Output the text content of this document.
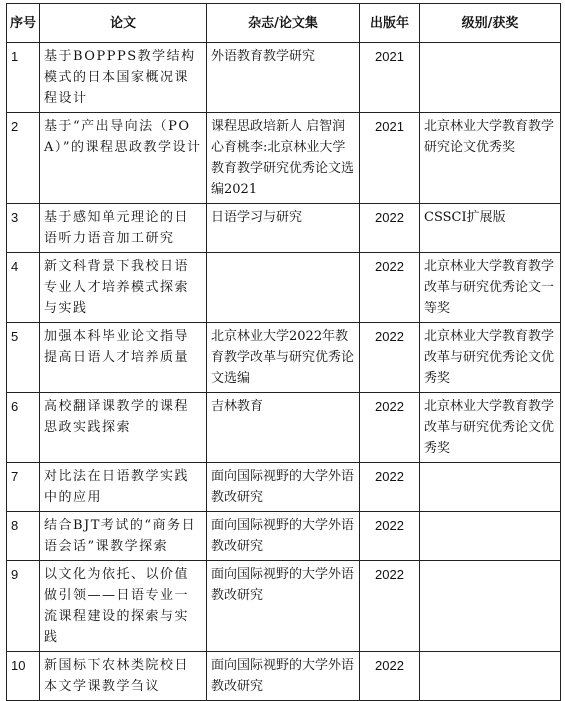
序号	论文	杂志/论文集	出版年	级别/获奖
1	基于BOPPPS教学结构模式的日本国家概况课程设计	外语教育教学研究	2021	
2	基于“产出导向法（POA）”的课程思政教学设计	课程思政培新人 启智润心育桃李:北京林业大学教育教学研究优秀论文选编2021	2021	北京林业大学教育教学研究论文优秀奖
3	基于感知单元理论的日语听力语音加工研究	日语学习与研究	2022	CSSCI扩展版
4	新文科背景下我校日语专业人才培养模式探索与实践		2022	北京林业大学教育教学改革与研究优秀论文一等奖
5	加强本科毕业论文指导提高日语人才培养质量	北京林业大学2022年教育教学改革与研究优秀论文选编	2022	北京林业大学教育教学改革与研究优秀论文优秀奖
6	高校翻译课教学的课程思政实践探索	吉林教育	2022	北京林业大学教育教学改革与研究优秀论文优秀奖
7	对比法在日语教学实践中的应用	面向国际视野的大学外语教改研究	2022	
8	结合BJT考试的“商务日语会话”课教学探索	面向国际视野的大学外语教改研究	2022	
9	以文化为依托、以价值做引领——日语专业一流课程建设的探索与实践	面向国际视野的大学外语教改研究	2022	
10	新国标下农林类院校日本文学课教学刍议	面向国际视野的大学外语教改研究	2022	
